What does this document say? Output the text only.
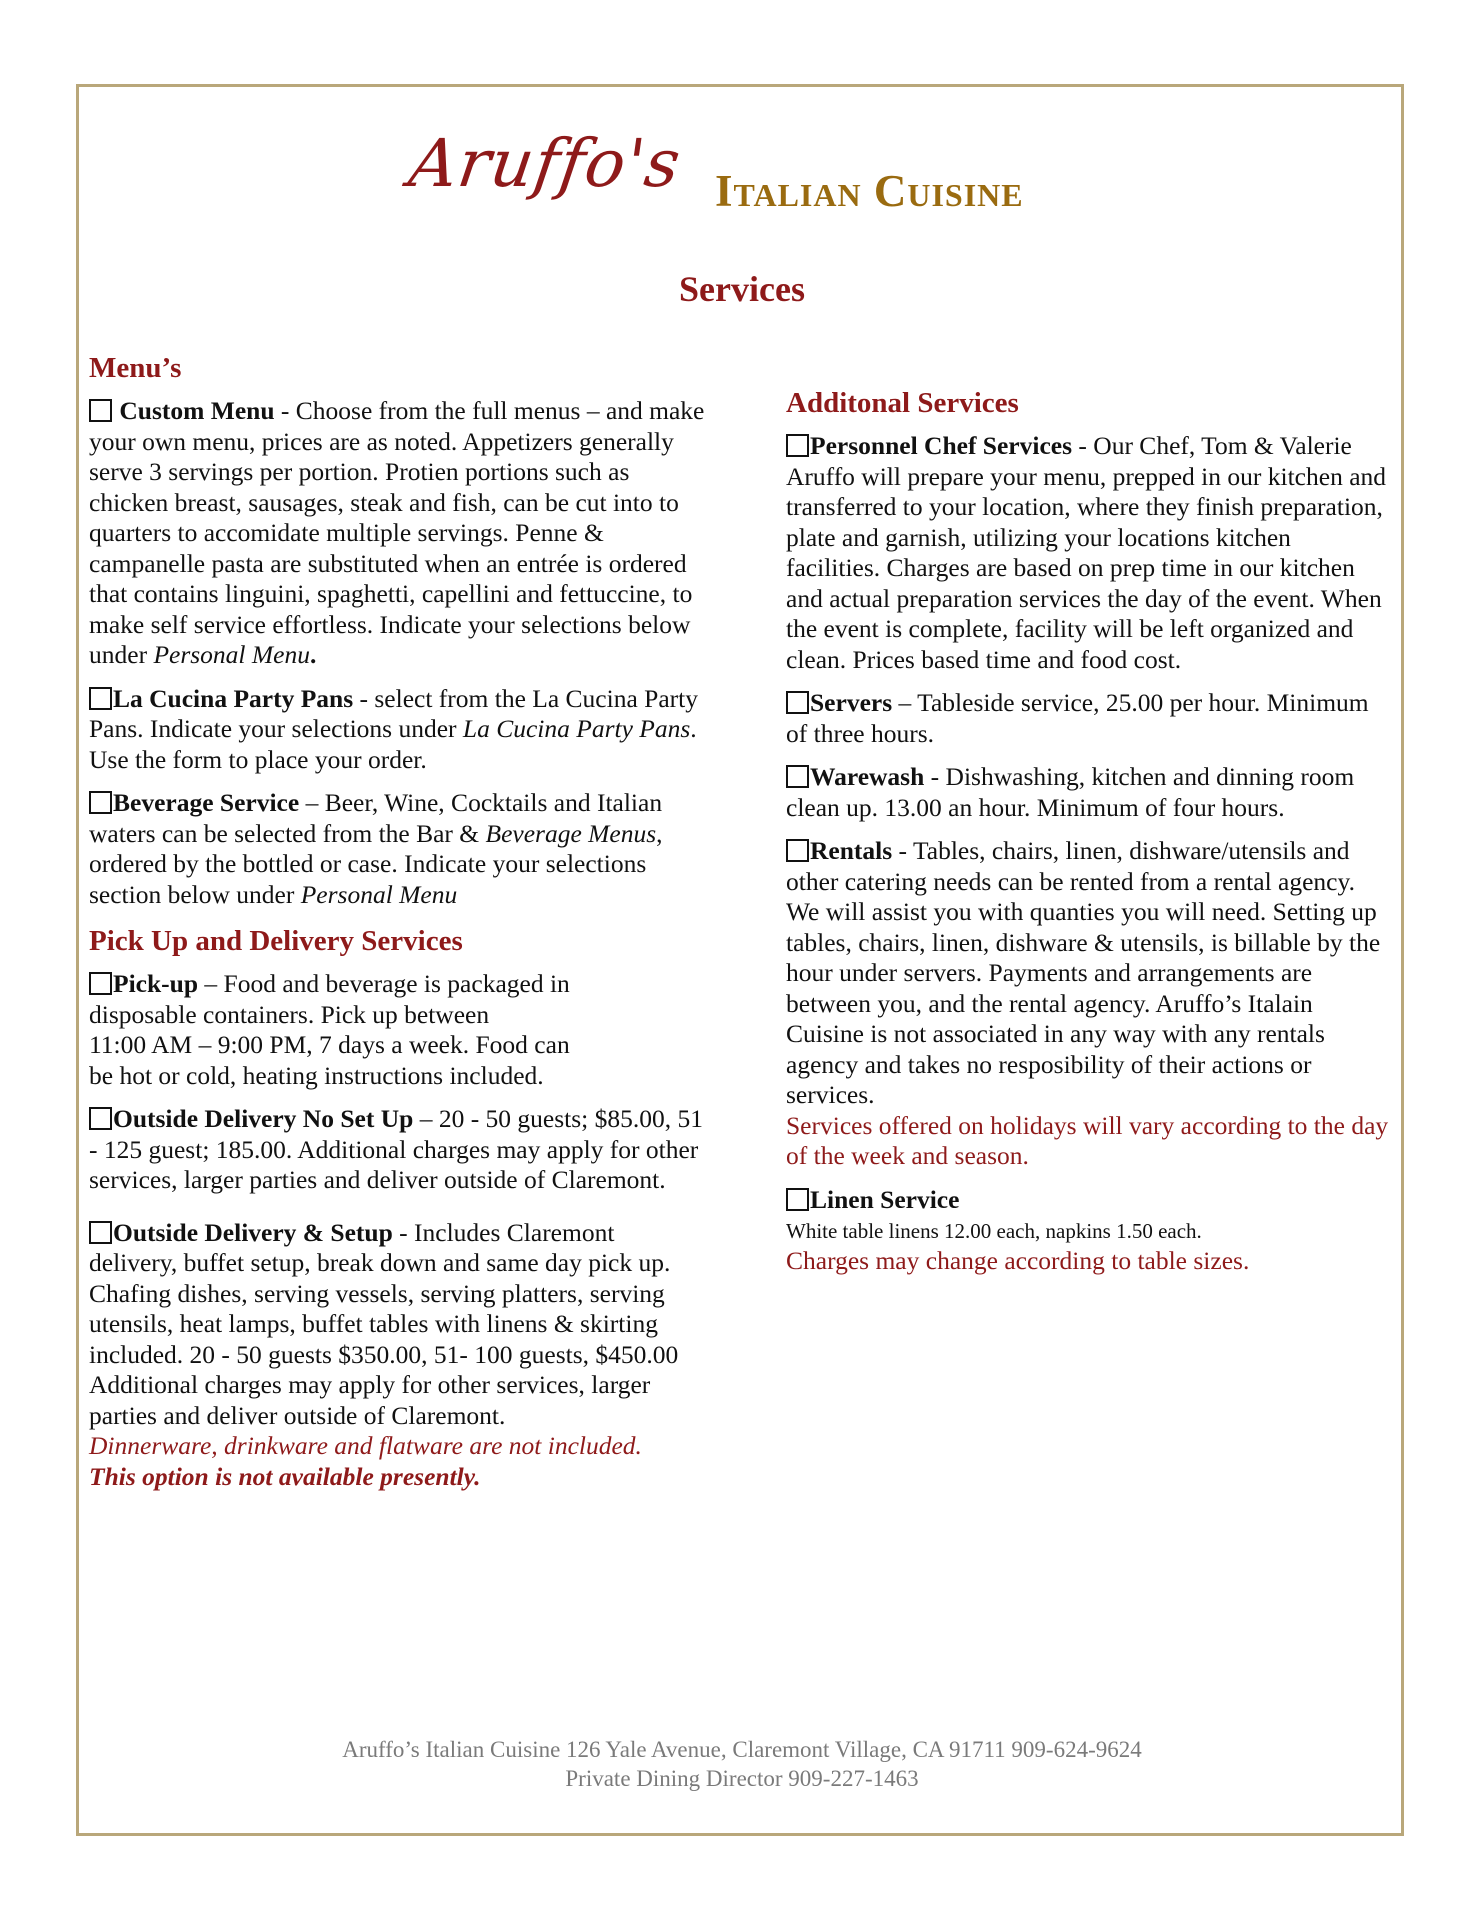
Aruffo's Italian Cuisine
Services
Menu’s

Custom Menu - Choose from the full menus – and make your own menu, prices are as noted. Appetizers generally serve 3 servings per portion. Protien portions such as chicken breast, sausages, steak and fish, can be cut into to quarters to accomidate multiple servings. Penne & campanelle pasta are substituted when an entrée is ordered that contains linguini, spaghetti, capellini and fettuccine, to make self service effortless. Indicate your selections below under Personal Menu.

La Cucina Party Pans - select from the La Cucina Party Pans. Indicate your selections under La Cucina Party Pans. Use the form to place your order.

Beverage Service – Beer, Wine, Cocktails and Italian waters can be selected from the Bar & Beverage Menus, ordered by the bottled or case. Indicate your selections section below under Personal Menu

Pick Up and Delivery Services

Pick-up – Food and beverage is packaged in
disposable containers. Pick up between
11:00 AM – 9:00 PM, 7 days a week. Food can
be hot or cold, heating instructions included.

Outside Delivery No Set Up – 20 - 50 guests; $85.00, 51 - 125 guest; 185.00. Additional charges may apply for other services, larger parties and deliver outside of Claremont.

Outside Delivery & Setup - Includes Claremont delivery, buffet setup, break down and same day pick up. Chafing dishes, serving vessels, serving platters, serving utensils, heat lamps, buffet tables with linens & skirting included. 20 - 50 guests $350.00, 51- 100 guests, $450.00 Additional charges may apply for other services, larger parties and deliver outside of Claremont.
Dinnerware, drinkware and flatware are not included.
This option is not available presently.

Additonal Services

Personnel Chef Services - Our Chef, Tom & Valerie Aruffo will prepare your menu, prepped in our kitchen and transferred to your location, where they finish preparation, plate and garnish, utilizing your locations kitchen facilities. Charges are based on prep time in our kitchen and actual preparation services the day of the event. When the event is complete, facility will be left organized and clean. Prices based time and food cost.

Servers – Tableside service, 25.00 per hour. Minimum of three hours.

Warewash - Dishwashing, kitchen and dinning room clean up. 13.00 an hour. Minimum of four hours.

Rentals - Tables, chairs, linen, dishware/utensils and other catering needs can be rented from a rental agency. We will assist you with quanties you will need. Setting up tables, chairs, linen, dishware & utensils, is billable by the hour under servers. Payments and arrangements are between you, and the rental agency. Aruffo’s Italain Cuisine is not associated in any way with any rentals agency and takes no resposibility of their actions or services.
Services offered on holidays will vary according to the day of the week and season.

Linen Service
White table linens 12.00 each, napkins 1.50 each.
Charges may change according to table sizes.

Aruffo’s Italian Cuisine 126 Yale Avenue, Claremont Village, CA 91711 909-624-9624
Private Dining Director 909-227-1463
